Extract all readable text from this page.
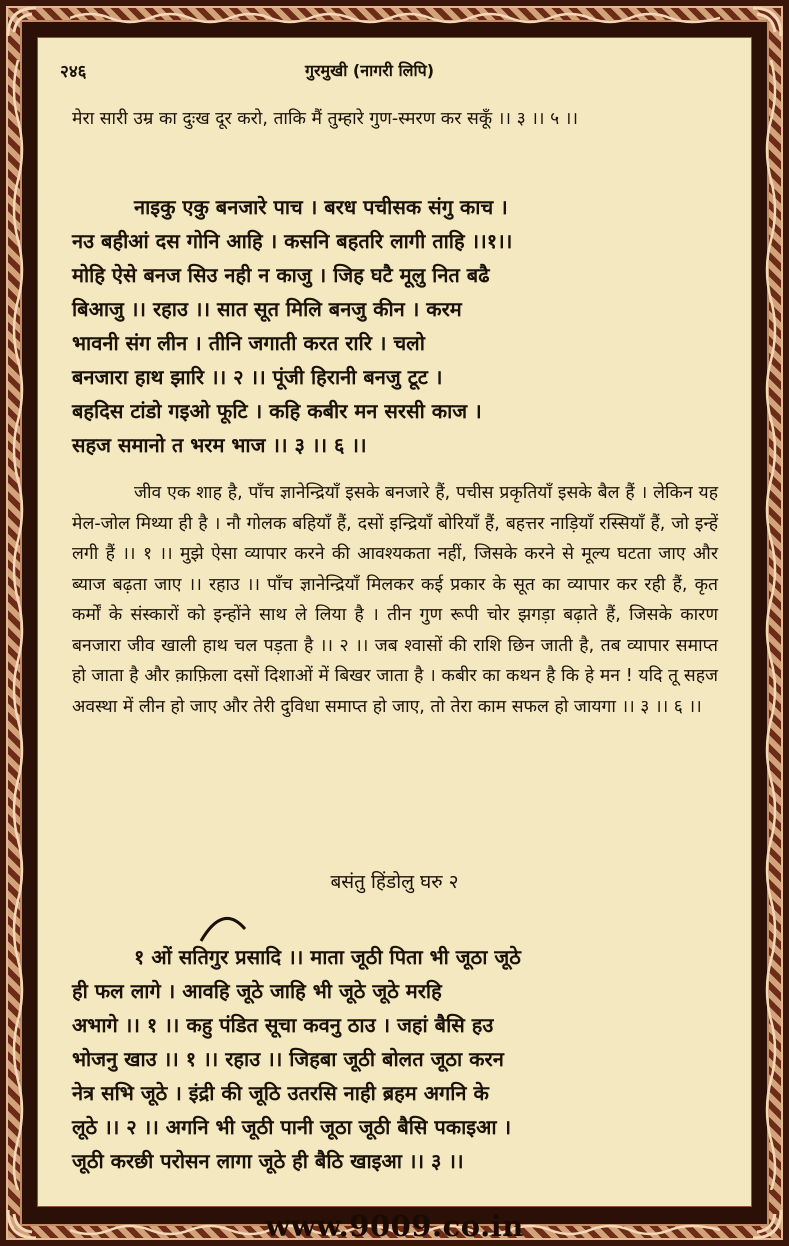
२४६	गुरमुखी (नागरी लिपि)
मेरा सारी उम्र का दुःख दूर करो, ताकि मैं तुम्हारे गुण-स्मरण कर सकूँ ।। ३ ।। ५ ।।
नाइकु एकु बनजारे पाच । बरध पचीसक संगु काच ।
नउ बहीआं दस गोनि आहि । कसनि बहतरि लागी ताहि ।।१।।
मोहि ऐसे बनज सिउ नही न काजु । जिह घटै मूलु नित बढै
बिआजु ।। रहाउ ।। सात सूत मिलि बनजु कीन । करम
भावनी संग लीन । तीनि जगाती करत रारि । चलो
बनजारा हाथ झारि ।। २ ।। पूंजी हिरानी बनजु टूट ।
बहदिस टांडो गइओ फूटि । कहि कबीर मन सरसी काज ।
सहज समानो त भरम भाज ।। ३ ।। ६ ।।
जीव एक शाह है, पाँच ज्ञानेन्द्रियाँ इसके बनजारे हैं, पचीस प्रकृतियाँ इसके बैल हैं । लेकिन यह मेल-जोल मिथ्या ही है । नौ गोलक बहियाँ हैं, दसों इन्द्रियाँ बोरियाँ हैं, बहत्तर नाड़ियाँ रस्सियाँ हैं, जो इन्हें लगी हैं ।। १ ।। मुझे ऐसा व्यापार करने की आवश्यकता नहीं, जिसके करने से मूल्य घटता जाए और ब्याज बढ़ता जाए ।। रहाउ ।। पाँच ज्ञानेन्द्रियाँ मिलकर कई प्रकार के सूत का व्यापार कर रही हैं, कृत कर्मों के संस्कारों को इन्होंने साथ ले लिया है । तीन गुण रूपी चोर झगड़ा बढ़ाते हैं, जिसके कारण बनजारा जीव खाली हाथ चल पड़ता है ।। २ ।। जब श्वासों की राशि छिन जाती है, तब व्यापार समाप्त हो जाता है और क़ाफ़िला दसों दिशाओं में बिखर जाता है । कबीर का कथन है कि हे मन ! यदि तू सहज अवस्था में लीन हो जाए और तेरी दुविधा समाप्त हो जाए, तो तेरा काम सफल हो जायगा ।। ३ ।। ६ ।।
बसंतु हिंडोलु घरु २
१ ओं सतिगुर प्रसादि ।। माता जूठी पिता भी जूठा जूठे
ही फल लागे । आवहि जूठे जाहि भी जूठे जूठे मरहि
अभागे ।। १ ।। कहु पंडित सूचा कवनु ठाउ । जहां बैसि हउ
भोजनु खाउ ।। १ ।। रहाउ ।। जिहबा जूठी बोलत जूठा करन
नेत्र सभि जूठे । इंद्री की जूठि उतरसि नाही ब्रहम अगनि के
लूठे ।। २ ।। अगनि भी जूठी पानी जूठा जूठी बैसि पकाइआ ।
जूठी करछी परोसन लागा जूठे ही बैठि खाइआ ।। ३ ।।
www.9009.co.in
